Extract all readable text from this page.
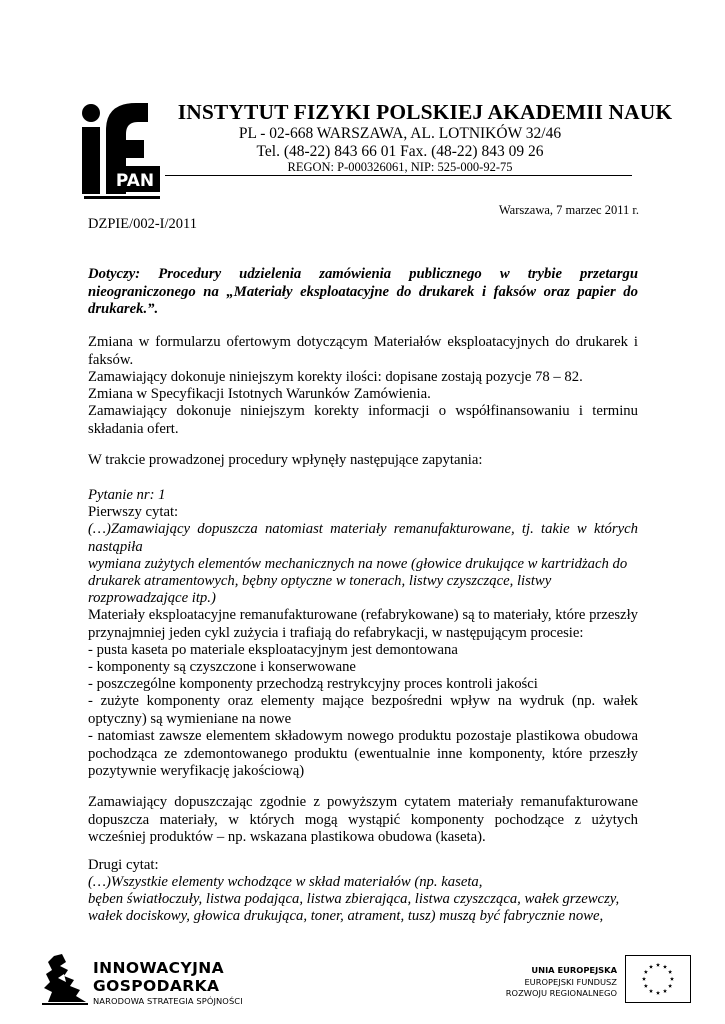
PAN
INSTYTUT FIZYKI POLSKIEJ AKADEMII NAUK
PL - 02-668 WARSZAWA, AL. LOTNIKÓW 32/46
Tel. (48-22) 843 66 01 Fax. (48-22) 843 09 26
REGON: P-000326061, NIP: 525-000-92-75
Warszawa, 7 marzec 2011 r.
DZPIE/002-I/2011

Dotyczy: Procedury udzielenia zamówienia publicznego w trybie przetargu nieograniczonego na „Materiały eksploatacyjne do drukarek i faksów oraz papier do drukarek.”.

Zmiana w formularzu ofertowym dotyczącym Materiałów eksploatacyjnych do drukarek i faksów.

Zamawiający dokonuje niniejszym korekty ilości: dopisane zostają pozycje 78 – 82.

Zmiana w Specyfikacji Istotnych Warunków Zamówienia.

Zamawiający dokonuje niniejszym korekty informacji o współfinansowaniu i terminu składania ofert.

W trakcie prowadzonej procedury wpłynęły następujące zapytania:

Pytanie nr: 1

Pierwszy cytat:

(…)Zamawiający dopuszcza natomiast materiały remanufakturowane, tj. takie w których nastąpiła

wymiana zużytych elementów mechanicznych na nowe (głowice drukujące w kartridżach do

drukarek atramentowych, bębny optyczne w tonerach, listwy czyszczące, listwy

rozprowadzające itp.)

Materiały eksploatacyjne remanufakturowane (refabrykowane) są to materiały, które przeszły przynajmniej jeden cykl zużycia i trafiają do refabrykacji, w następującym procesie:

- pusta kaseta po materiale eksploatacyjnym jest demontowana

- komponenty są czyszczone i konserwowane

- poszczególne komponenty przechodzą restrykcyjny proces kontroli jakości

- zużyte komponenty oraz elementy mające bezpośredni wpływ na wydruk (np. wałek optyczny) są wymieniane na nowe

- natomiast zawsze elementem składowym nowego produktu pozostaje plastikowa obudowa pochodząca ze zdemontowanego produktu (ewentualnie inne komponenty, które przeszły pozytywnie weryfikację jakościową)

Zamawiający dopuszczając zgodnie z powyższym cytatem materiały remanufakturowane dopuszcza materiały, w których mogą wystąpić komponenty pochodzące z użytych wcześniej produktów – np. wskazana plastikowa obudowa (kaseta).

Drugi cytat:

(…)Wszystkie elementy wchodzące w skład materiałów (np. kaseta,

bęben światłoczuły, listwa podająca, listwa zbierająca, listwa czyszcząca, wałek grzewczy,

wałek dociskowy, głowica drukująca, toner, atrament, tusz) muszą być fabrycznie nowe,

INNOWACYJNA
GOSPODARKA
NARODOWA STRATEGIA SPÓJNOŚCI
UNIA EUROPEJSKA
EUROPEJSKI FUNDUSZ
ROZWOJU REGIONALNEGO
